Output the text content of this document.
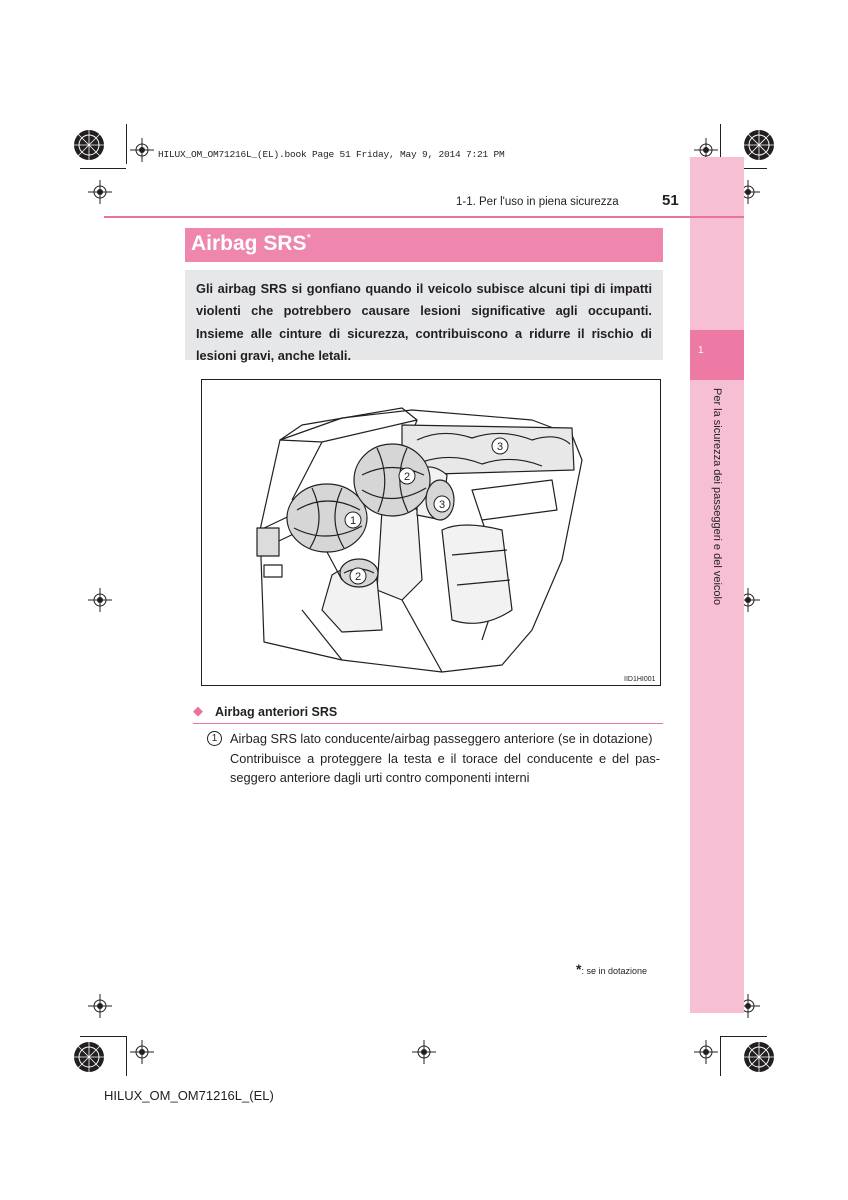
HILUX_OM_OM71216L_(EL).book Page 51 Friday, May 9, 2014 7:21 PM
1
Per la sicurezza dei passeggeri e del veicolo
1-1. Per l'uso in piena sicurezza	51
Airbag SRS*
Gli airbag SRS si gonfiano quando il veicolo subisce alcuni tipi di impatti violenti che potrebbero causare lesioni significative agli occupanti. Insieme alle cinture di sicurezza, contribuiscono a ridurre il rischio di lesioni gravi, anche letali.
1
2
2
3
3
IID1HI001
◆ Airbag anteriori SRS
1 Airbag SRS lato conducente/airbag passeggero anteriore (se in dotazione)
Contribuisce a proteggere la testa e il torace del conducente e del passeggero anteriore dagli urti contro componenti interni
*: se in dotazione
HILUX_OM_OM71216L_(EL)
